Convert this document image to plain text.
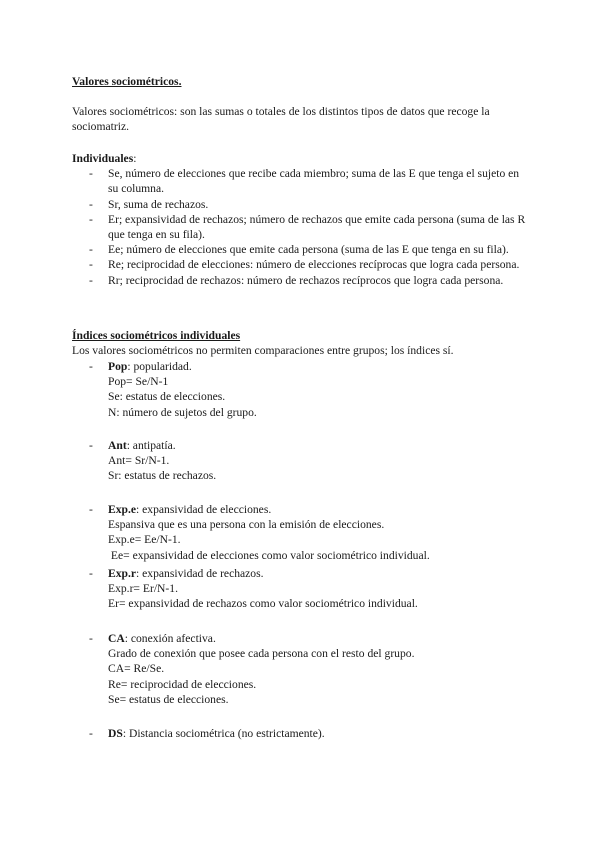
Valores sociométricos.
Valores sociométricos: son las sumas o totales de los distintos tipos de datos que recoge la sociomatriz.
Individuales:
- Se, número de elecciones que recibe cada miembro; suma de las E que tenga el sujeto en su columna.
- Sr, suma de rechazos.
- Er; expansividad de rechazos; número de rechazos que emite cada persona (suma de las R que tenga en su fila).
- Ee; número de elecciones que emite cada persona (suma de las E que tenga en su fila).
- Re; reciprocidad de elecciones: número de elecciones recíprocas que logra cada persona.
- Rr; reciprocidad de rechazos: número de rechazos recíprocos que logra cada persona.
Índices sociométricos individuales
Los valores sociométricos no permiten comparaciones entre grupos; los índices sí.
- Pop: popularidad.
Pop= Se/N-1
Se: estatus de elecciones.
N: número de sujetos del grupo.
- Ant: antipatía.
Ant= Sr/N-1.
Sr: estatus de rechazos.
- Exp.e: expansividad de elecciones.
Espansiva que es una persona con la emisión de elecciones.
Exp.e= Ee/N-1.
Ee= expansividad de elecciones como valor sociométrico individual.
- Exp.r: expansividad de rechazos.
Exp.r= Er/N-1.
Er= expansividad de rechazos como valor sociométrico individual.
- CA: conexión afectiva.
Grado de conexión que posee cada persona con el resto del grupo.
CA= Re/Se.
Re= reciprocidad de elecciones.
Se= estatus de elecciones.
- DS: Distancia sociométrica (no estrictamente).
